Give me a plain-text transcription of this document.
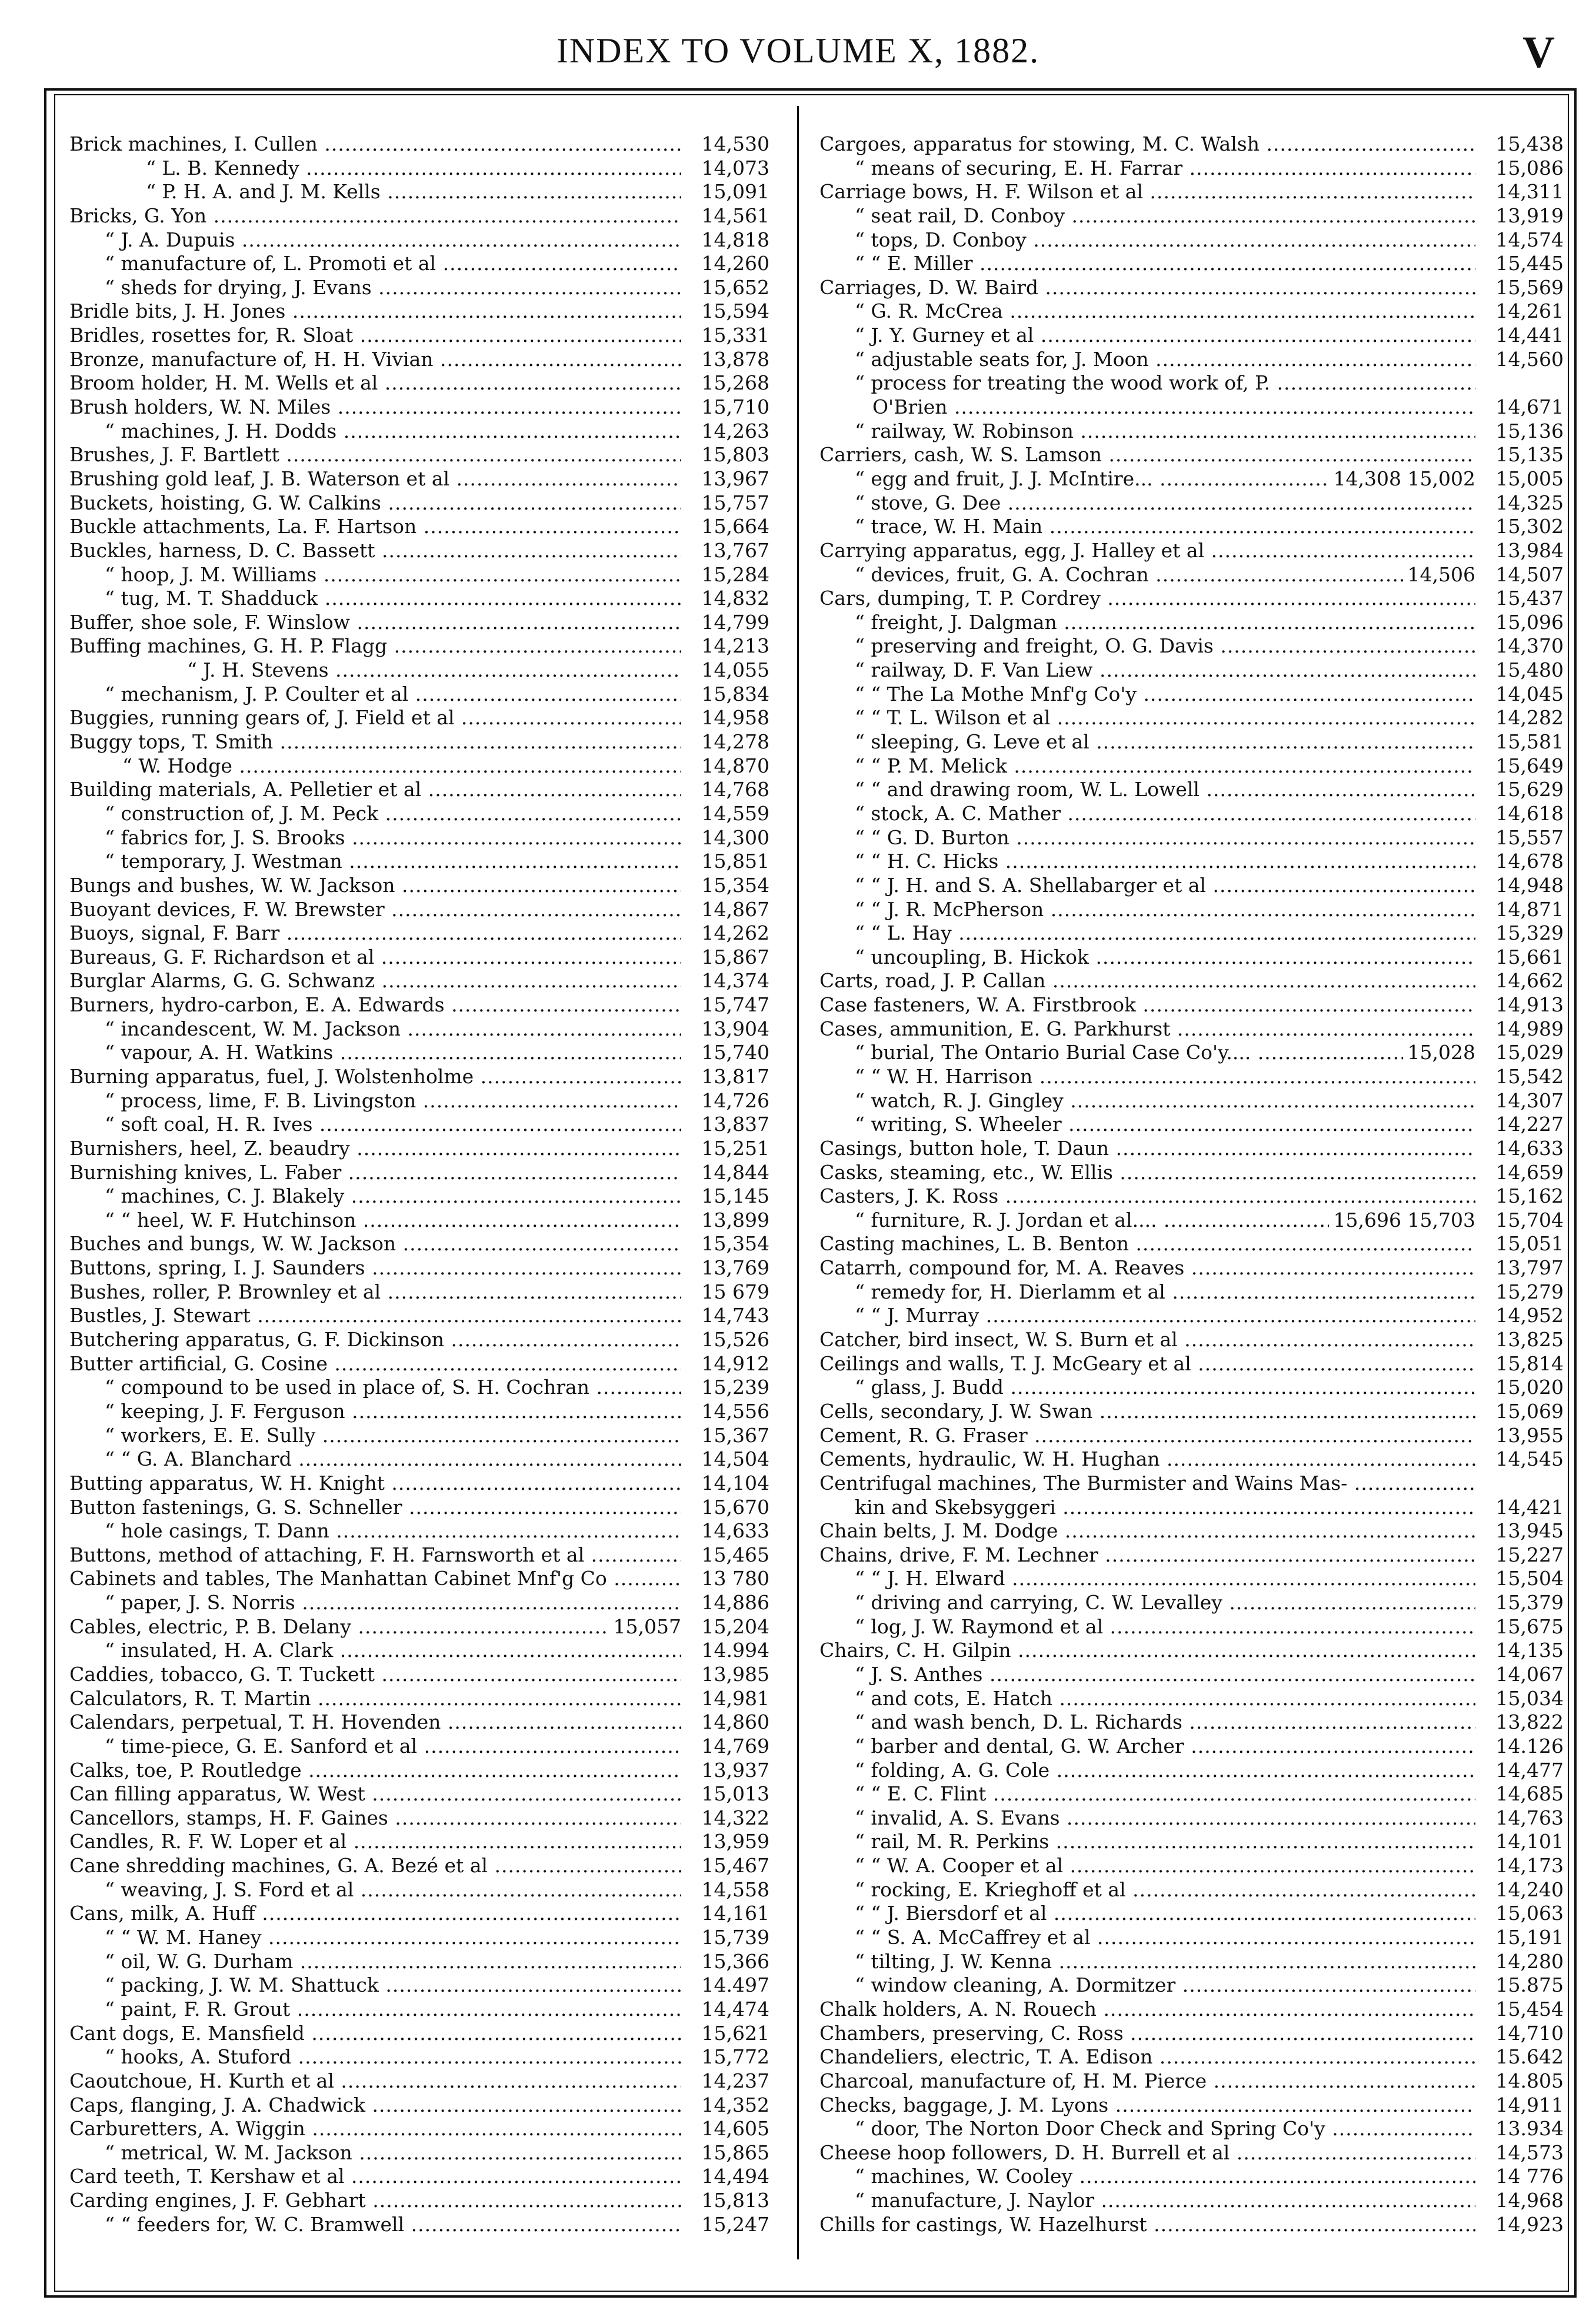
INDEX TO VOLUME X, 1882.	V
Brick machines, I. Cullen .....	14,530
“ L. B. Kennedy .....	14,073
“ P. H. A. and J. M. Kells .....	15,091
Bricks, G. Yon .....	14,561
“ J. A. Dupuis .....	14,818
“ manufacture of, L. Promoti et al .....	14,260
“ sheds for drying, J. Evans .....	15,652
Bridle bits, J. H. Jones .....	15,594
Bridles, rosettes for, R. Sloat .....	15,331
Bronze, manufacture of, H. H. Vivian .....	13,878
Broom holder, H. M. Wells et al .....	15,268
Brush holders, W. N. Miles .....	15,710
“ machines, J. H. Dodds .....	14,263
Brushes, J. F. Bartlett .....	15,803
Brushing gold leaf, J. B. Waterson et al .....	13,967
Buckets, hoisting, G. W. Calkins .....	15,757
Buckle attachments, La. F. Hartson .....	15,664
Buckles, harness, D. C. Bassett .....	13,767
“ hoop, J. M. Williams .....	15,284
“ tug, M. T. Shadduck .....	14,832
Buffer, shoe sole, F. Winslow .....	14,799
Buffing machines, G. H. P. Flagg .....	14,213
“ J. H. Stevens .....	14,055
“ mechanism, J. P. Coulter et al .....	15,834
Buggies, running gears of, J. Field et al .....	14,958
Buggy tops, T. Smith .....	14,278
“ W. Hodge .....	14,870
Building materials, A. Pelletier et al .....	14,768
“ construction of, J. M. Peck .....	14,559
“ fabrics for, J. S. Brooks .....	14,300
“ temporary, J. Westman .....	15,851
Bungs and bushes, W. W. Jackson .....	15,354
Buoyant devices, F. W. Brewster .....	14,867
Buoys, signal, F. Barr .....	14,262
Bureaus, G. F. Richardson et al .....	15,867
Burglar Alarms, G. G. Schwanz .....	14,374
Burners, hydro-carbon, E. A. Edwards .....	15,747
“ incandescent, W. M. Jackson .....	13,904
“ vapour, A. H. Watkins .....	15,740
Burning apparatus, fuel, J. Wolstenholme .....	13,817
“ process, lime, F. B. Livingston .....	14,726
“ soft coal, H. R. Ives .....	13,837
Burnishers, heel, Z. beaudry .....	15,251
Burnishing knives, L. Faber .....	14,844
“ machines, C. J. Blakely .....	15,145
“ “ heel, W. F. Hutchinson .....	13,899
Buches and bungs, W. W. Jackson .....	15,354
Buttons, spring, I. J. Saunders .....	13,769
Bushes, roller, P. Brownley et al .....	15 679
Bustles, J. Stewart .....	14,743
Butchering apparatus, G. F. Dickinson .....	15,526
Butter artificial, G. Cosine .....	14,912
“ compound to be used in place of, S. H. Cochran .....	15,239
“ keeping, J. F. Ferguson .....	14,556
“ workers, E. E. Sully .....	15,367
“ “ G. A. Blanchard .....	14,504
Butting apparatus, W. H. Knight .....	14,104
Button fastenings, G. S. Schneller .....	15,670
“ hole casings, T. Dann .....	14,633
Buttons, method of attaching, F. H. Farnsworth et al .....	15,465
Cabinets and tables, The Manhattan Cabinet Mnf'g Co .....	13 780
“ paper, J. S. Norris .....	14,886
Cables, electric, P. B. Delany .....	15,057	15,204
“ insulated, H. A. Clark .....	14.994
Caddies, tobacco, G. T. Tuckett .....	13,985
Calculators, R. T. Martin .....	14,981
Calendars, perpetual, T. H. Hovenden .....	14,860
“ time-piece, G. E. Sanford et al .....	14,769
Calks, toe, P. Routledge .....	13,937
Can filling apparatus, W. West .....	15,013
Cancellors, stamps, H. F. Gaines .....	14,322
Candles, R. F. W. Loper et al .....	13,959
Cane shredding machines, G. A. Bezé et al .....	15,467
“ weaving, J. S. Ford et al .....	14,558
Cans, milk, A. Huff .....	14,161
“ “ W. M. Haney .....	15,739
“ oil, W. G. Durham .....	15,366
“ packing, J. W. M. Shattuck .....	14.497
“ paint, F. R. Grout .....	14,474
Cant dogs, E. Mansfield .....	15,621
“ hooks, A. Stuford .....	15,772
Caoutchoue, H. Kurth et al .....	14,237
Caps, flanging, J. A. Chadwick .....	14,352
Carburetters, A. Wiggin .....	14,605
“ metrical, W. M. Jackson .....	15,865
Card teeth, T. Kershaw et al .....	14,494
Carding engines, J. F. Gebhart .....	15,813
“ “ feeders for, W. C. Bramwell .....	15,247
Cargoes, apparatus for stowing, M. C. Walsh .....	15,438
“ means of securing, E. H. Farrar .....	15,086
Carriage bows, H. F. Wilson et al .....	14,311
“ seat rail, D. Conboy .....	13,919
“ tops, D. Conboy .....	14,574
“ “ E. Miller .....	15,445
Carriages, D. W. Baird .....	15,569
“ G. R. McCrea .....	14,261
“ J. Y. Gurney et al .....	14,441
“ adjustable seats for, J. Moon .....	14,560
“ process for treating the wood work of, P. .....
O'Brien .....	14,671
“ railway, W. Robinson .....	15,136
Carriers, cash, W. S. Lamson .....	15,135
“ egg and fruit, J. J. McIntire... .....	14,308 15,002	15,005
“ stove, G. Dee .....	14,325
“ trace, W. H. Main .....	15,302
Carrying apparatus, egg, J. Halley et al .....	13,984
“ devices, fruit, G. A. Cochran .....	14,506	14,507
Cars, dumping, T. P. Cordrey .....	15,437
“ freight, J. Dalgman .....	15,096
“ preserving and freight, O. G. Davis .....	14,370
“ railway, D. F. Van Liew .....	15,480
“ “ The La Mothe Mnf'g Co'y .....	14,045
“ “ T. L. Wilson et al .....	14,282
“ sleeping, G. Leve et al .....	15,581
“ “ P. M. Melick .....	15,649
“ “ and drawing room, W. L. Lowell .....	15,629
“ stock, A. C. Mather .....	14,618
“ “ G. D. Burton .....	15,557
“ “ H. C. Hicks .....	14,678
“ “ J. H. and S. A. Shellabarger et al .....	14,948
“ “ J. R. McPherson .....	14,871
“ “ L. Hay .....	15,329
“ uncoupling, B. Hickok .....	15,661
Carts, road, J. P. Callan .....	14,662
Case fasteners, W. A. Firstbrook .....	14,913
Cases, ammunition, E. G. Parkhurst .....	14,989
“ burial, The Ontario Burial Case Co'y.... .....	15,028	15,029
“ “ W. H. Harrison .....	15,542
“ watch, R. J. Gingley .....	14,307
“ writing, S. Wheeler .....	14,227
Casings, button hole, T. Daun .....	14,633
Casks, steaming, etc., W. Ellis .....	14,659
Casters, J. K. Ross .....	15,162
“ furniture, R. J. Jordan et al.... .....	15,696 15,703	15,704
Casting machines, L. B. Benton .....	15,051
Catarrh, compound for, M. A. Reaves .....	13,797
“ remedy for, H. Dierlamm et al .....	15,279
“ “ J. Murray .....	14,952
Catcher, bird insect, W. S. Burn et al .....	13,825
Ceilings and walls, T. J. McGeary et al .....	15,814
“ glass, J. Budd .....	15,020
Cells, secondary, J. W. Swan .....	15,069
Cement, R. G. Fraser .....	13,955
Cements, hydraulic, W. H. Hughan .....	14,545
Centrifugal machines, The Burmister and Wains Mas- .....
kin and Skebsyggeri .....	14,421
Chain belts, J. M. Dodge .....	13,945
Chains, drive, F. M. Lechner .....	15,227
“ “ J. H. Elward .....	15,504
“ driving and carrying, C. W. Levalley .....	15,379
“ log, J. W. Raymond et al .....	15,675
Chairs, C. H. Gilpin .....	14,135
“ J. S. Anthes .....	14,067
“ and cots, E. Hatch .....	15,034
“ and wash bench, D. L. Richards .....	13,822
“ barber and dental, G. W. Archer .....	14.126
“ folding, A. G. Cole .....	14,477
“ “ E. C. Flint .....	14,685
“ invalid, A. S. Evans .....	14,763
“ rail, M. R. Perkins .....	14,101
“ “ W. A. Cooper et al .....	14,173
“ rocking, E. Krieghoff et al .....	14,240
“ “ J. Biersdorf et al .....	15,063
“ “ S. A. McCaffrey et al .....	15,191
“ tilting, J. W. Kenna .....	14,280
“ window cleaning, A. Dormitzer .....	15.875
Chalk holders, A. N. Rouech .....	15,454
Chambers, preserving, C. Ross .....	14,710
Chandeliers, electric, T. A. Edison .....	15.642
Charcoal, manufacture of, H. M. Pierce .....	14.805
Checks, baggage, J. M. Lyons .....	14,911
“ door, The Norton Door Check and Spring Co'y .....	13.934
Cheese hoop followers, D. H. Burrell et al .....	14,573
“ machines, W. Cooley .....	14 776
“ manufacture, J. Naylor .....	14,968
Chills for castings, W. Hazelhurst .....	14,923
